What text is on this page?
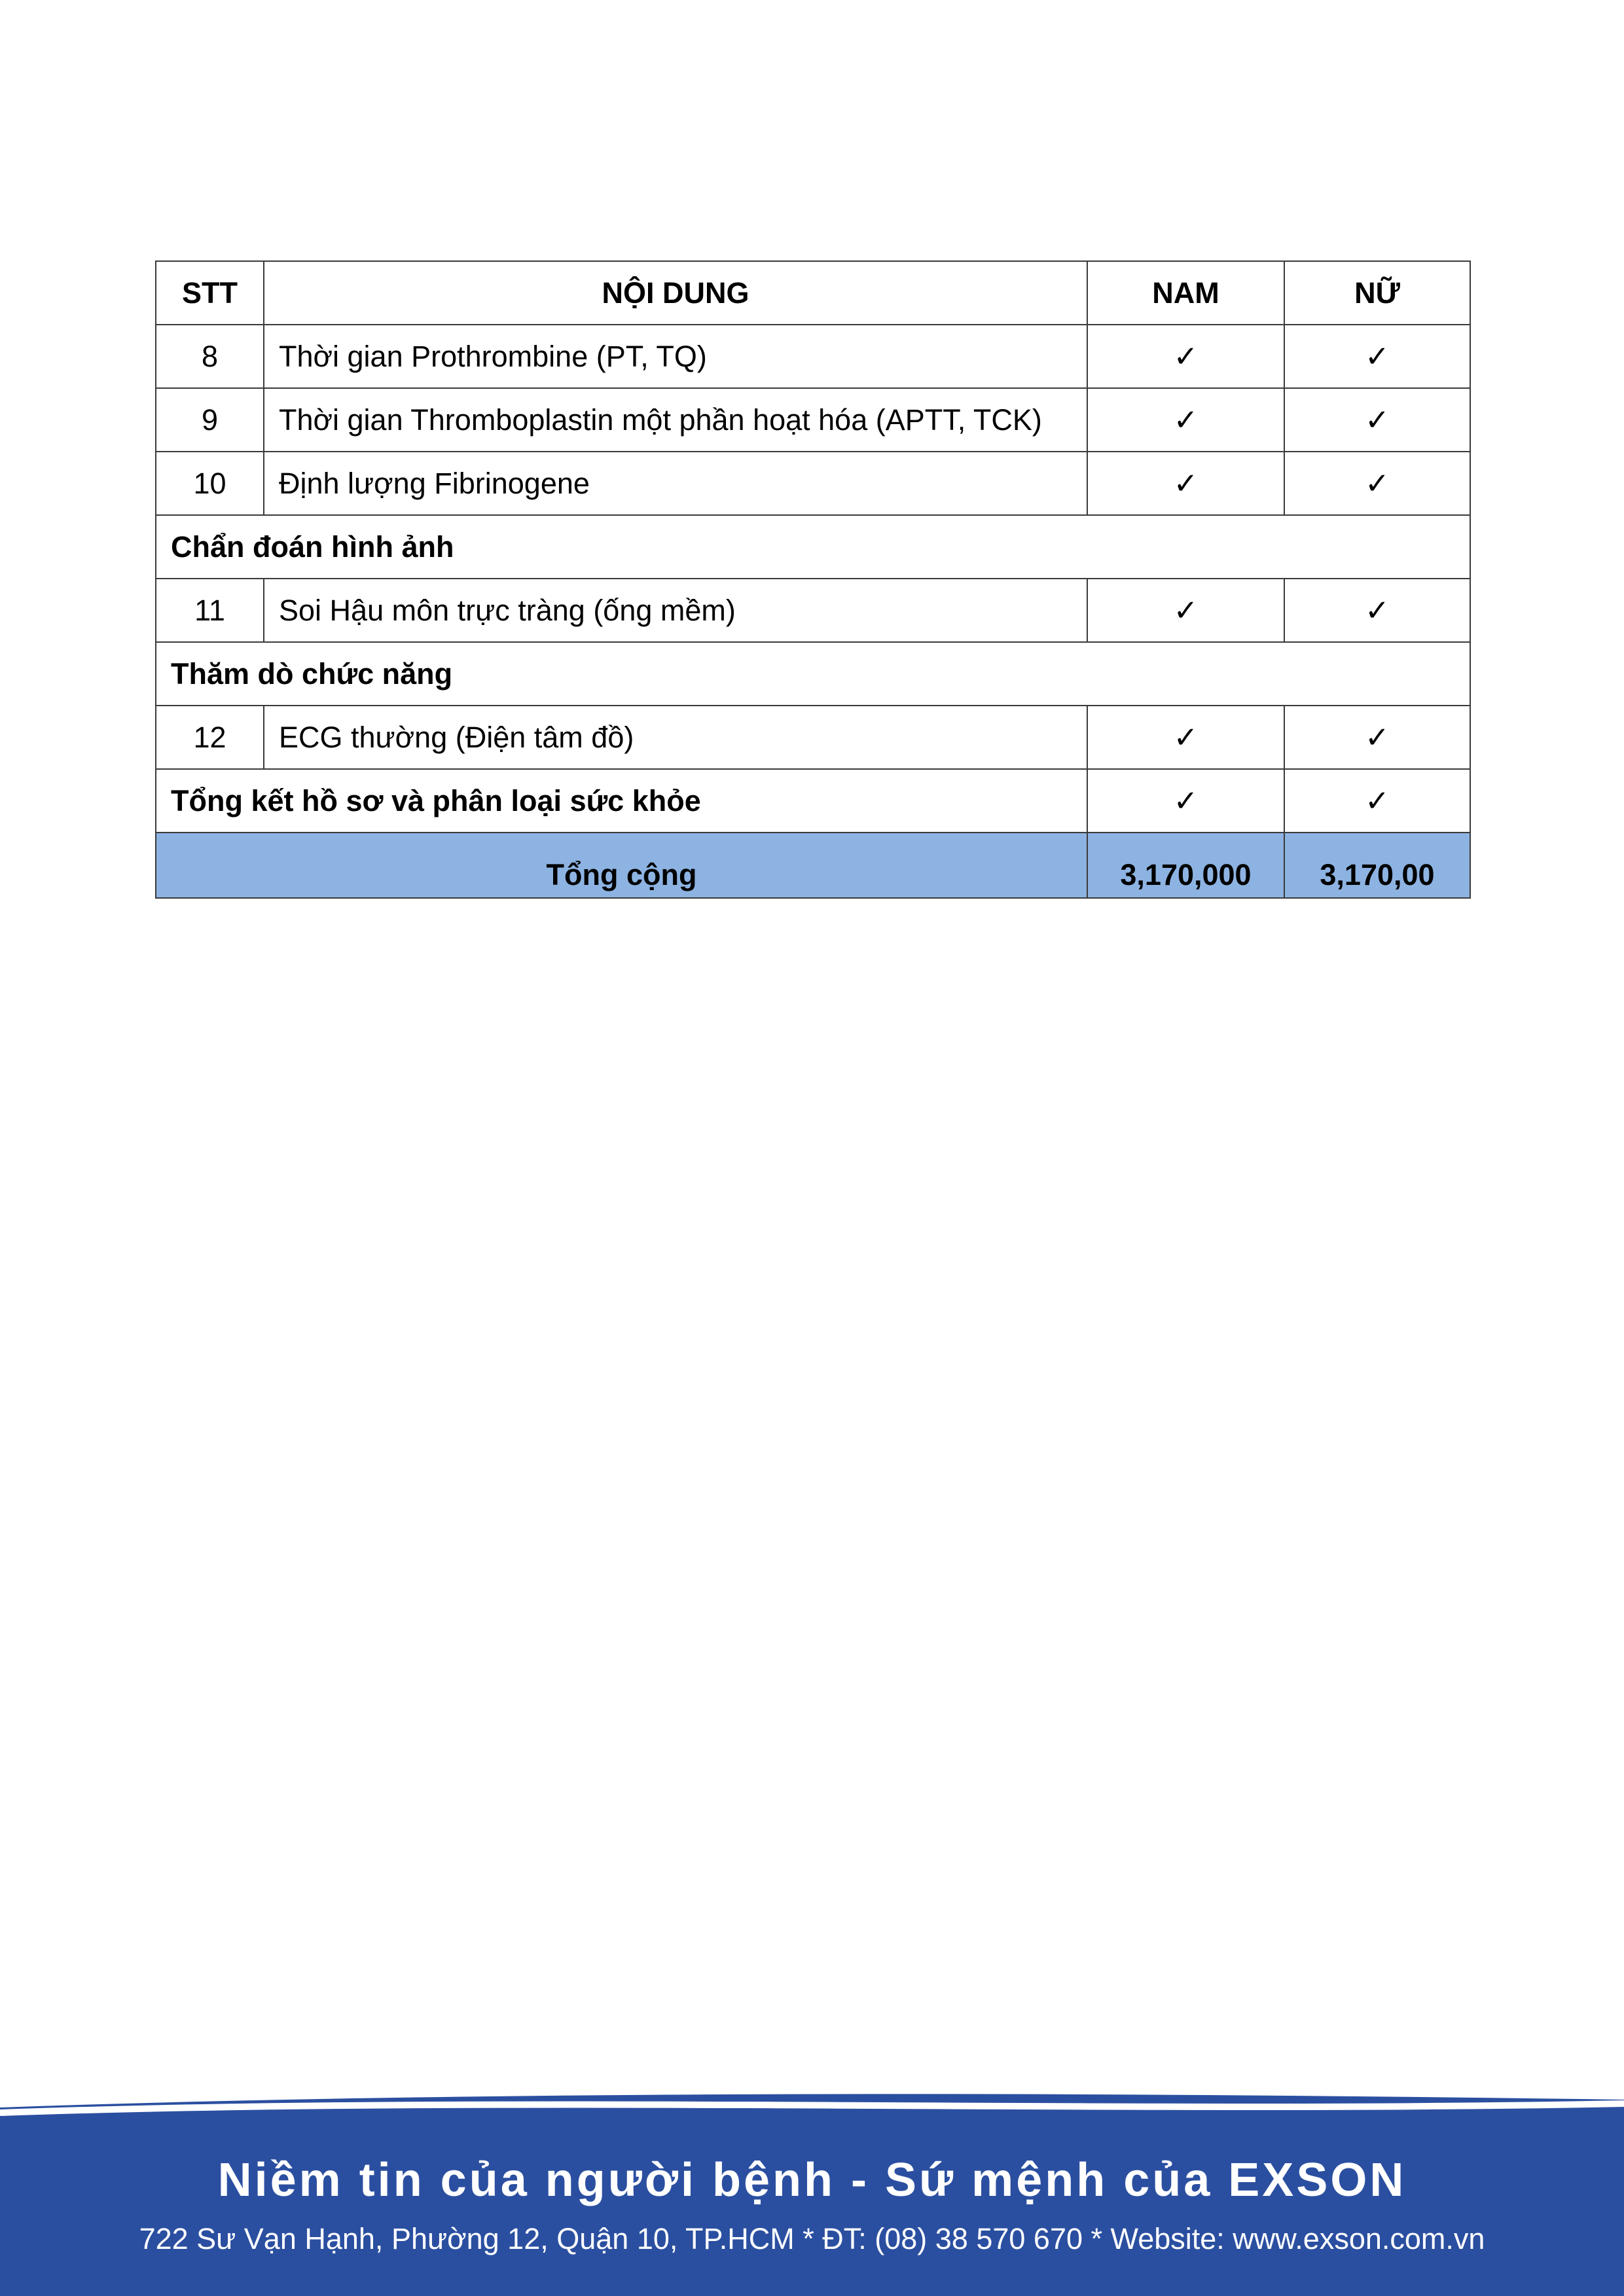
STT	NỘI DUNG	NAM	NỮ
8	Thời gian Prothrombine (PT, TQ)	✓	✓
9	Thời gian Thromboplastin một phần hoạt hóa (APTT, TCK)	✓	✓
10	Định lượng Fibrinogene	✓	✓
Chẩn đoán hình ảnh			
11	Soi Hậu môn trực tràng (ống mềm)	✓	✓
Thăm dò chức năng			
12	ECG thường (Điện tâm đồ)	✓	✓
Tổng kết hồ sơ và phân loại sức khỏe		✓	✓
Tổng cộng		3,170,000	3,170,00
Niềm tin của người bệnh - Sứ mệnh của EXSON
722 Sư Vạn Hạnh, Phường 12, Quận 10, TP.HCM * ĐT: (08) 38 570 670 * Website: www.exson.com.vn
